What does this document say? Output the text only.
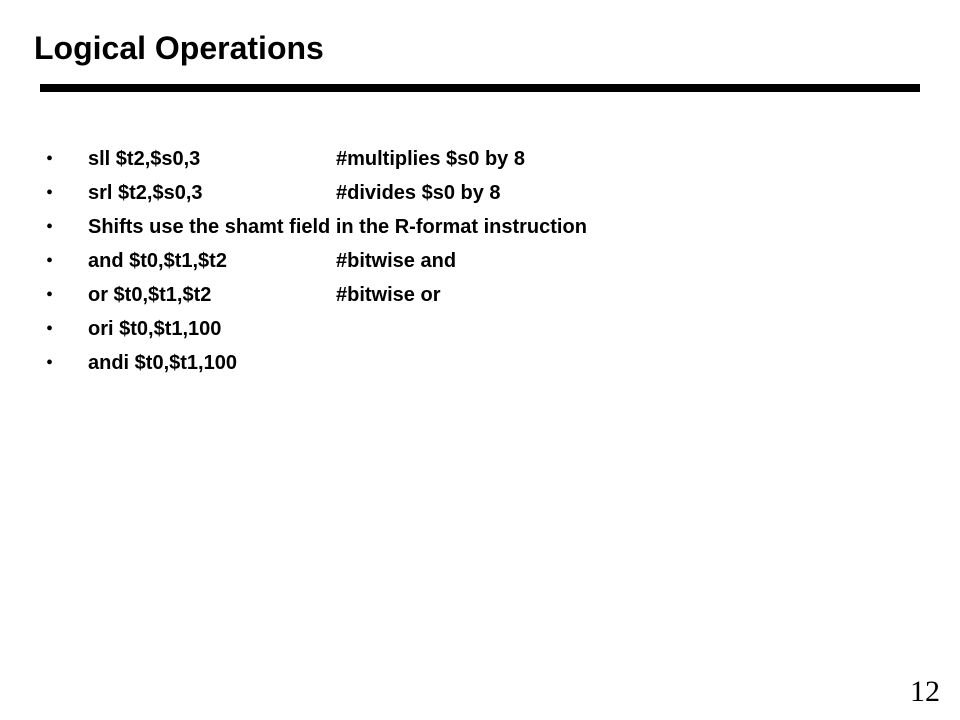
Logical Operations
• sll $t2,$s0,3	#multiplies $s0 by 8
• srl $t2,$s0,3	#divides $s0 by 8
• Shifts use the shamt field in the R-format instruction
• and $t0,$t1,$t2	#bitwise and
• or $t0,$t1,$t2	#bitwise or
• ori $t0,$t1,100
• andi $t0,$t1,100
12
